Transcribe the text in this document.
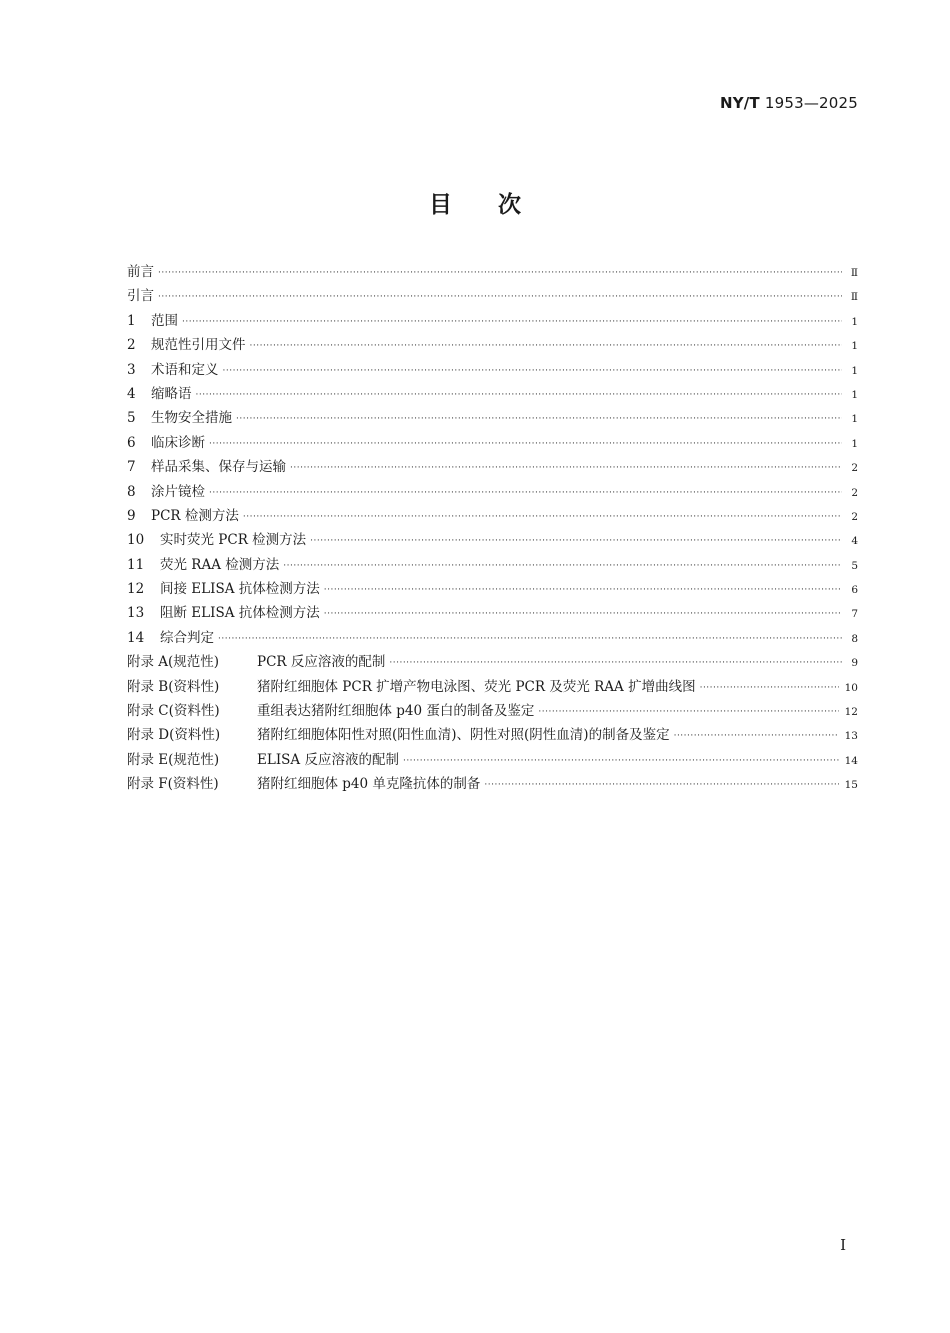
NY/T 1953—2025
目次
前言 ·····	Ⅱ
引言 ·····	Ⅱ
1	范围 ·····	1
2	规范性引用文件 ·····	1
3	术语和定义 ·····	1
4	缩略语 ·····	1
5	生物安全措施 ·····	1
6	临床诊断 ·····	1
7	样品采集、保存与运输 ·····	2
8	涂片镜检 ·····	2
9	PCR 检测方法 ·····	2
10	实时荧光 PCR 检测方法 ·····	4
11	荧光 RAA 检测方法 ·····	5
12	间接 ELISA 抗体检测方法 ·····	6
13	阻断 ELISA 抗体检测方法 ·····	7
14	综合判定 ·····	8
附录 A(规范性)	PCR 反应溶液的配制 ·····	9
附录 B(资料性)	猪附红细胞体 PCR 扩增产物电泳图、荧光 PCR 及荧光 RAA 扩增曲线图 ·····	10
附录 C(资料性)	重组表达猪附红细胞体 p40 蛋白的制备及鉴定 ·····	12
附录 D(资料性)	猪附红细胞体阳性对照(阳性血清)、阴性对照(阴性血清)的制备及鉴定 ·····	13
附录 E(规范性)	ELISA 反应溶液的配制 ·····	14
附录 F(资料性)	猪附红细胞体 p40 单克隆抗体的制备 ·····	15
Ⅰ
